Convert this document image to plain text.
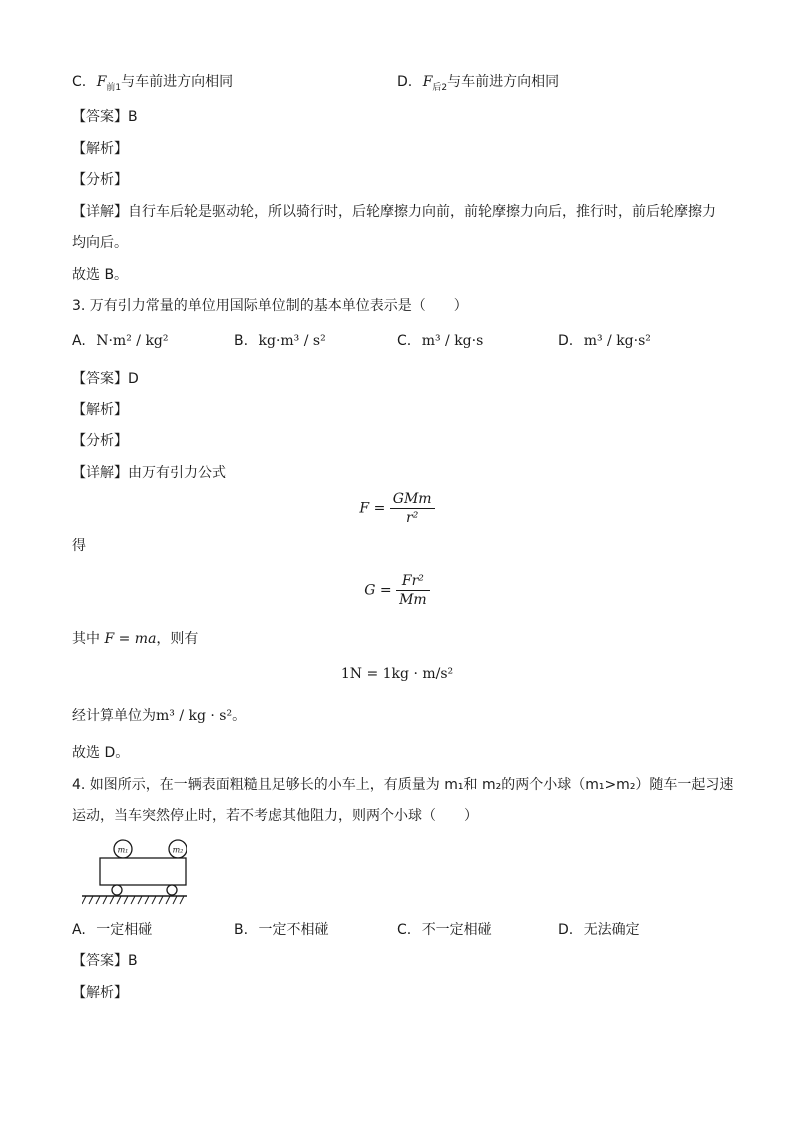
C. $F_{前1}$与车前进方向相同	D. $F_{后2}$与车前进方向相同
【答案】B
【解析】
【分析】
【详解】自行车后轮是驱动轮，所以骑行时，后轮摩擦力向前，前轮摩擦力向后，推行时，前后轮摩擦力
均向后。
故选 B。
3. 万有引力常量的单位用国际单位制的基本单位表示是（　　）
A. N·m² / kg²	B. kg·m³ / s²	C. m³ / kg·s	D. m³ / kg·s²
【答案】D
【解析】
【分析】
【详解】由万有引力公式
$F = \frac{\text{GMm}}{\text{r²}}$
得
$G = \frac{\text{Fr²}}{Mm}$
其中 F = ma，则有
1N = 1kg · m/s²
经计算单位为m³ / kg · s²。
故选 D。
4. 如图所示，在一辆表面粗糙且足够长的小车上，有质量为 m₁和 m₂的两个小球（m₁>m₂）随车一起习速
运动，当车突然停止时，若不考虑其他阻力，则两个小球（　　）
m₁	m₂
A. 一定相碰	B. 一定不相碰	C. 不一定相碰	D. 无法确定
【答案】B
【解析】
